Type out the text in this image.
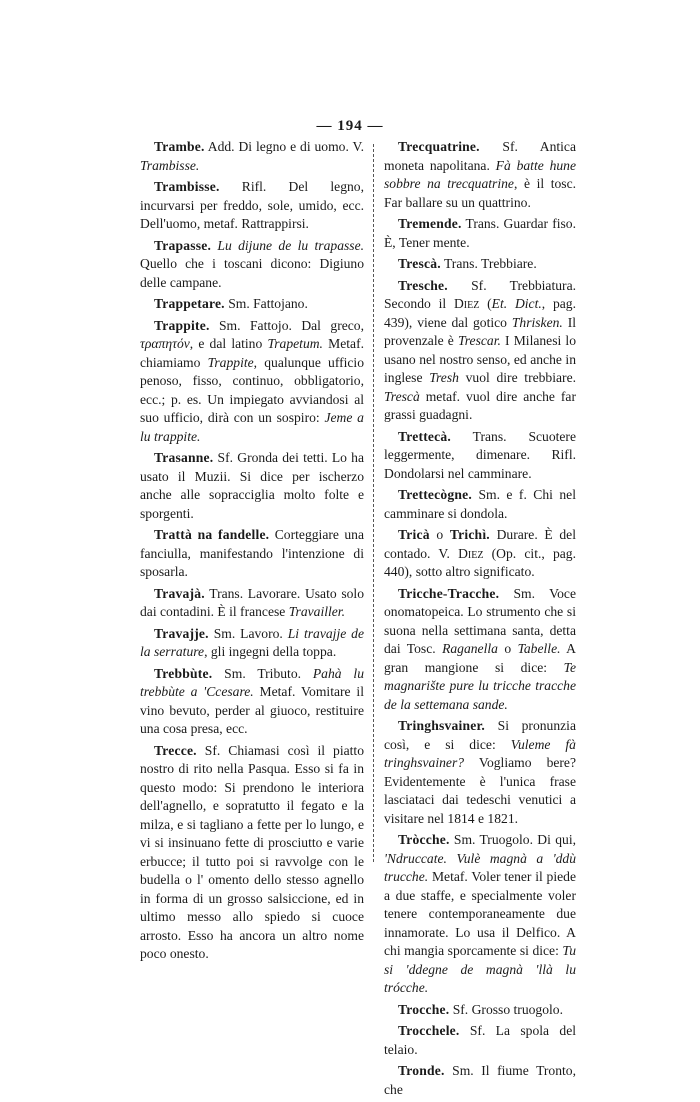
— 194 —

Trambe. Add. Di legno e di uomo. V. Trambisse.

Trambisse. Rifl. Del legno, incurvarsi per freddo, sole, umido, ecc. Dell'uomo, metaf. Rattrappirsi.

Trapasse. Lu dijune de lu trapasse. Quello che i toscani dicono: Digiuno delle campane.

Trappetare. Sm. Fattojano.

Trappite. Sm. Fattojo. Dal greco, τραπητόν, e dal latino Trapetum. Metaf. chiamiamo Trappite, qualunque ufficio penoso, fisso, continuo, obbligatorio, ecc.; p. es. Un impiegato avviandosi al suo ufficio, dirà con un sospiro: Jeme a lu trappite.

Trasanne. Sf. Gronda dei tetti. Lo ha usato il Muzii. Si dice per ischerzo anche alle sopracciglia molto folte e sporgenti.

Trattà na fandelle. Corteggiare una fanciulla, manifestando l'intenzione di sposarla.

Travajà. Trans. Lavorare. Usato solo dai contadini. È il francese Travailler.

Travajje. Sm. Lavoro. Li travajje de la serrature, gli ingegni della toppa.

Trebbùte. Sm. Tributo. Pahà lu trebbùte a 'Ccesare. Metaf. Vomitare il vino bevuto, perder al giuoco, restituire una cosa presa, ecc.

Trecce. Sf. Chiamasi così il piatto nostro di rito nella Pasqua. Esso si fa in questo modo: Si prendono le interiora dell'agnello, e sopratutto il fegato e la milza, e si tagliano a fette per lo lungo, e vi si insinuano fette di prosciutto e varie erbucce; il tutto poi si ravvolge con le budella o l' omento dello stesso agnello in forma di un grosso salsiccione, ed in ultimo messo allo spiedo si cuoce arrosto. Esso ha ancora un altro nome poco onesto.

Trecquatrine. Sf. Antica moneta napolitana. Fà batte hune sobbre na trecquatrine, è il tosc. Far ballare su un quattrino.

Tremende. Trans. Guardar fiso. È, Tener mente.

Trescà. Trans. Trebbiare.

Tresche. Sf. Trebbiatura. Secondo il Diez (Et. Dict., pag. 439), viene dal gotico Thrisken. Il provenzale è Trescar. I Milanesi lo usano nel nostro senso, ed anche in inglese Tresh vuol dire trebbiare. Trescà metaf. vuol dire anche far grassi guadagni.

Trettecà. Trans. Scuotere leggermente, dimenare. Rifl. Dondolarsi nel camminare.

Trettecògne. Sm. e f. Chi nel camminare si dondola.

Tricà o Trichì. Durare. È del contado. V. Diez (Op. cit., pag. 440), sotto altro significato.

Tricche-Tracche. Sm. Voce onomatopeica. Lo strumento che si suona nella settimana santa, detta dai Tosc. Raganella o Tabelle. A gran mangione si dice: Te magnarište pure lu tricche tracche de la settemana sande.

Tringhsvainer. Si pronunzia così, e si dice: Vuleme fà tringhsvainer? Vogliamo bere? Evidentemente è l'unica frase lasciataci dai tedeschi venutici a visitare nel 1814 e 1821.

Tròcche. Sm. Truogolo. Di qui, 'Ndruccate. Vulè magnà a 'ddù trucche. Metaf. Voler tener il piede a due staffe, e specialmente voler tenere contemporaneamente due innamorate. Lo usa il Delfico. A chi mangia sporcamente si dice: Tu si 'ddegne de magnà 'llà lu trócche.

Trocche. Sf. Grosso truogolo.

Trocchele. Sf. La spola del telaio.

Tronde. Sm. Il fiume Tronto, che
